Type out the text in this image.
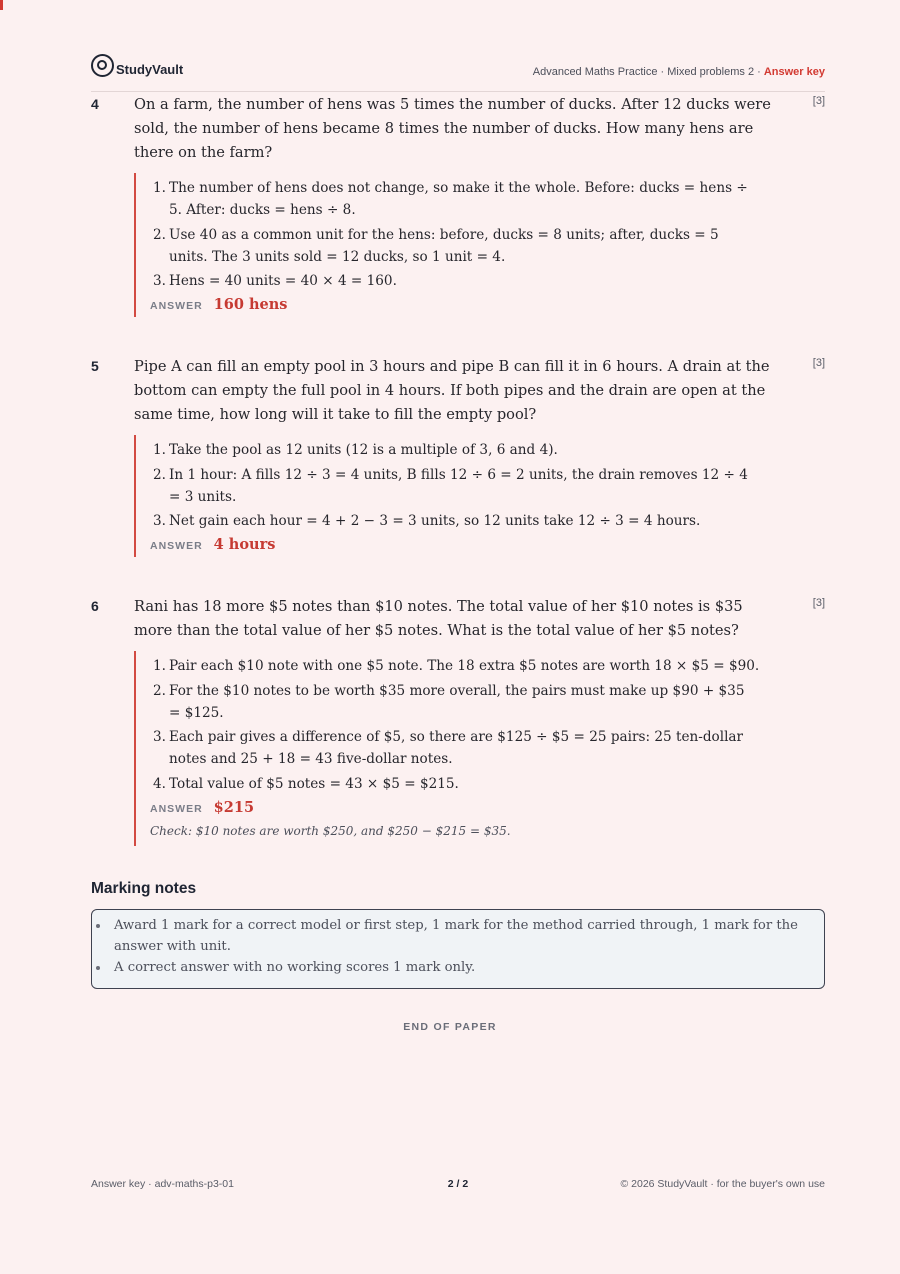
StudyVault	Advanced Maths Practice · Mixed problems 2 · Answer key
4	[3]

On a farm, the number of hens was 5 times the number of ducks. After 12 ducks were sold, the number of hens became 8 times the number of ducks. How many hens are there on the farm?

1. The number of hens does not change, so make it the whole. Before: ducks = hens ÷ 5. After: ducks = hens ÷ 8.
2. Use 40 as a common unit for the hens: before, ducks = 8 units; after, ducks = 5 units. The 3 units sold = 12 ducks, so 1 unit = 4.
3. Hens = 40 units = 40 × 4 = 160.
ANSWER 160 hens
5	[3]

Pipe A can fill an empty pool in 3 hours and pipe B can fill it in 6 hours. A drain at the bottom can empty the full pool in 4 hours. If both pipes and the drain are open at the same time, how long will it take to fill the empty pool?

1. Take the pool as 12 units (12 is a multiple of 3, 6 and 4).
2. In 1 hour: A fills 12 ÷ 3 = 4 units, B fills 12 ÷ 6 = 2 units, the drain removes 12 ÷ 4 = 3 units.
3. Net gain each hour = 4 + 2 − 3 = 3 units, so 12 units take 12 ÷ 3 = 4 hours.
ANSWER 4 hours
6	[3]

Rani has 18 more $5 notes than $10 notes. The total value of her $10 notes is $35 more than the total value of her $5 notes. What is the total value of her $5 notes?

1. Pair each $10 note with one $5 note. The 18 extra $5 notes are worth 18 × $5 = $90.
2. For the $10 notes to be worth $35 more overall, the pairs must make up $90 + $35 = $125.
3. Each pair gives a difference of $5, so there are $125 ÷ $5 = 25 pairs: 25 ten-dollar notes and 25 + 18 = 43 five-dollar notes.
4. Total value of $5 notes = 43 × $5 = $215.
ANSWER $215

Check: $10 notes are worth $250, and $250 − $215 = $35.

Marking notes
Award 1 mark for a correct model or first step, 1 mark for the method carried through, 1 mark for the answer with unit.
A correct answer with no working scores 1 mark only.
END OF PAPER
Answer key · adv-maths-p3-01	2 / 2	© 2026 StudyVault · for the buyer's own use
